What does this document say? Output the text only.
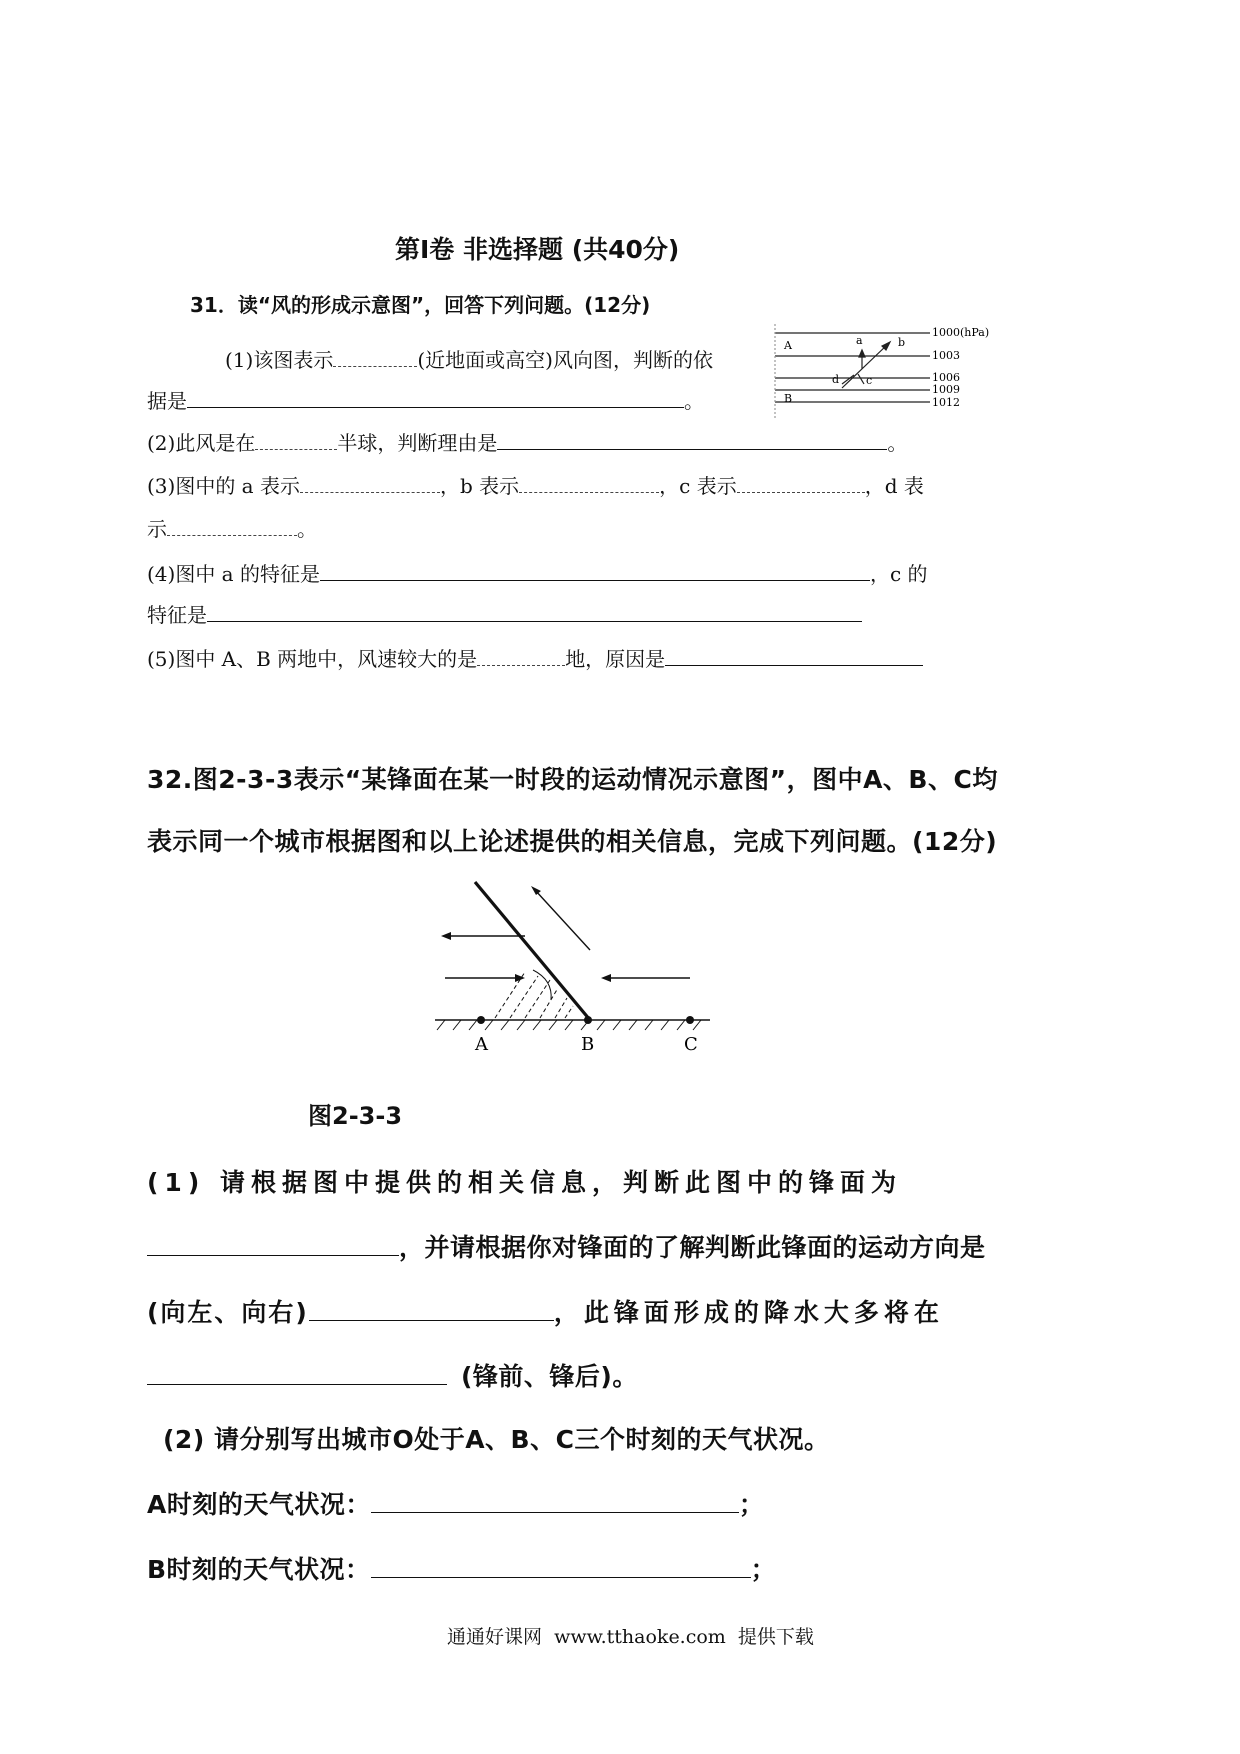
第Ⅰ卷 非选择题 (共40分)
31．读“风的形成示意图”，回答下列问题。(12分)
(1)该图表示	(近地面或高空)风向图，判断的依
据是	。
(2)此风是在	半球，判断理由是	。
(3)图中的 a 表示	，b 表示	，c 表示	，d 表
示	。
(4)图中 a 的特征是	，c 的
特征是
(5)图中 A、B 两地中，风速较大的是	地，原因是
A
B
a	b
c
d
1000(hPa)
1003
1006
1009
1012
32.图2-3-3表示“某锋面在某一时段的运动情况示意图”，图中A、B、C均
表示同一个城市根据图和以上论述提供的相关信息，完成下列问题。(12分)
A	B	C
图2-3-3
(1) 请根据图中提供的相关信息，判断此图中的锋面为
，并请根据你对锋面的了解判断此锋面的运动方向是
(向左、向右)	，此锋面形成的降水大多将在
(锋前、锋后)。
(2) 请分别写出城市O处于A、B、C三个时刻的天气状况。
A时刻的天气状况：	；
B时刻的天气状况：	；
通通好课网  www.tthaoke.com  提供下载
